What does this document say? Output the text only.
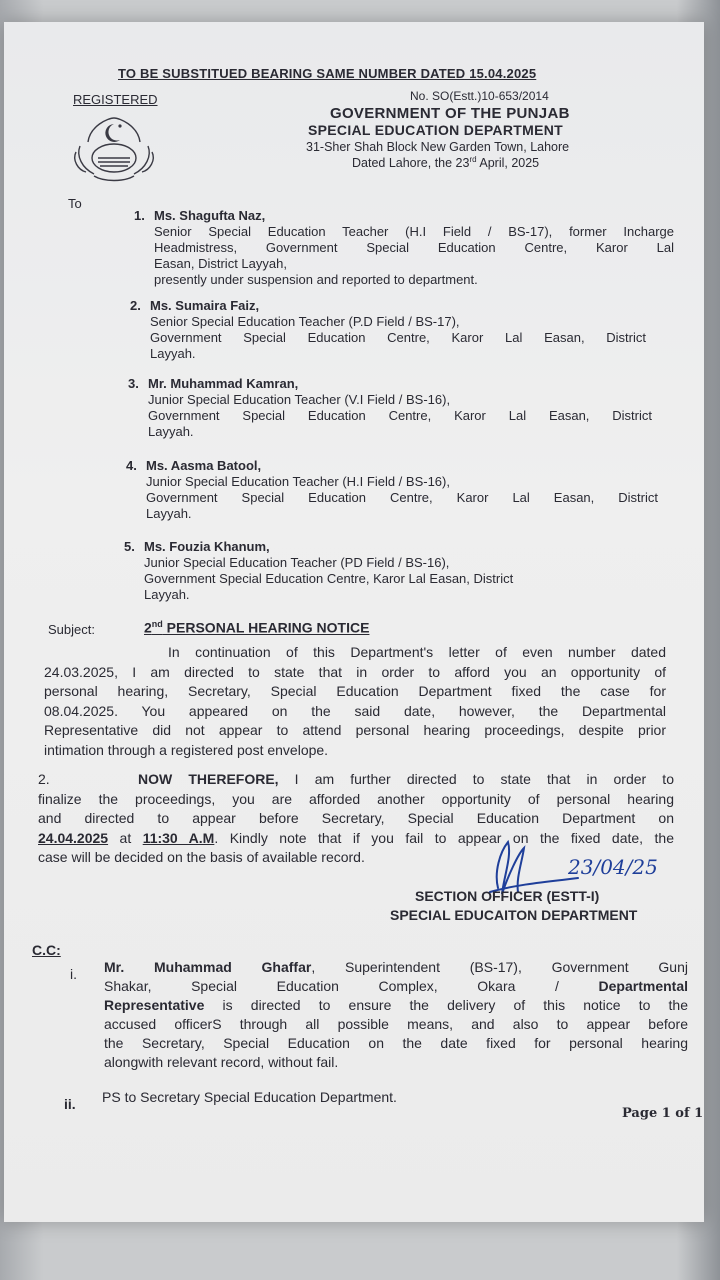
TO BE SUBSTITUED BEARING SAME NUMBER DATED 15.04.2025
REGISTERED	No. SO(Estt.)10-653/2014
GOVERNMENT OF THE PUNJAB
SPECIAL EDUCATION DEPARTMENT
31-Sher Shah Block New Garden Town, Lahore
Dated Lahore, the 23rd April, 2025
To
1. Ms. Shagufta Naz,
Senior Special Education Teacher (H.I Field / BS-17), former Incharge
Headmistress, Government Special Education Centre, Karor Lal
Easan, District Layyah,
presently under suspension and reported to department.
2. Ms. Sumaira Faiz,
Senior Special Education Teacher (P.D Field / BS-17),
Government Special Education Centre, Karor Lal Easan, District
Layyah.
3. Mr. Muhammad Kamran,
Junior Special Education Teacher (V.I Field / BS-16),
Government Special Education Centre, Karor Lal Easan, District
Layyah.
4. Ms. Aasma Batool,
Junior Special Education Teacher (H.I Field / BS-16),
Government Special Education Centre, Karor Lal Easan, District
Layyah.
5. Ms. Fouzia Khanum,
Junior Special Education Teacher (PD Field / BS-16),
Government Special Education Centre, Karor Lal Easan, District
Layyah.
Subject:	2nd PERSONAL HEARING NOTICE
In continuation of this Department's letter of even number dated
24.03.2025, I am directed to state that in order to afford you an opportunity of
personal hearing, Secretary, Special Education Department fixed the case for
08.04.2025. You appeared on the said date, however, the Departmental
Representative did not appear to attend personal hearing proceedings, despite prior
intimation through a registered post envelope.
2.	NOW THEREFORE, I am further directed to state that in order to
finalize the proceedings, you are afforded another opportunity of personal hearing
and directed to appear before Secretary, Special Education Department on
24.04.2025 at 11:30 A.M. Kindly note that if you fail to appear on the fixed date, the
case will be decided on the basis of available record.	23/04/25
SECTION OFFICER (ESTT-I)
SPECIAL EDUCAITON DEPARTMENT
C.C:
i. Mr. Muhammad Ghaffar, Superintendent (BS-17), Government Gunj
Shakar, Special Education Complex, Okara / Departmental
Representative is directed to ensure the delivery of this notice to the
accused officerS through all possible means, and also to appear before
the Secretary, Special Education on the date fixed for personal hearing
alongwith relevant record, without fail.
ii. PS to Secretary Special Education Department.
Page 1 of 1
